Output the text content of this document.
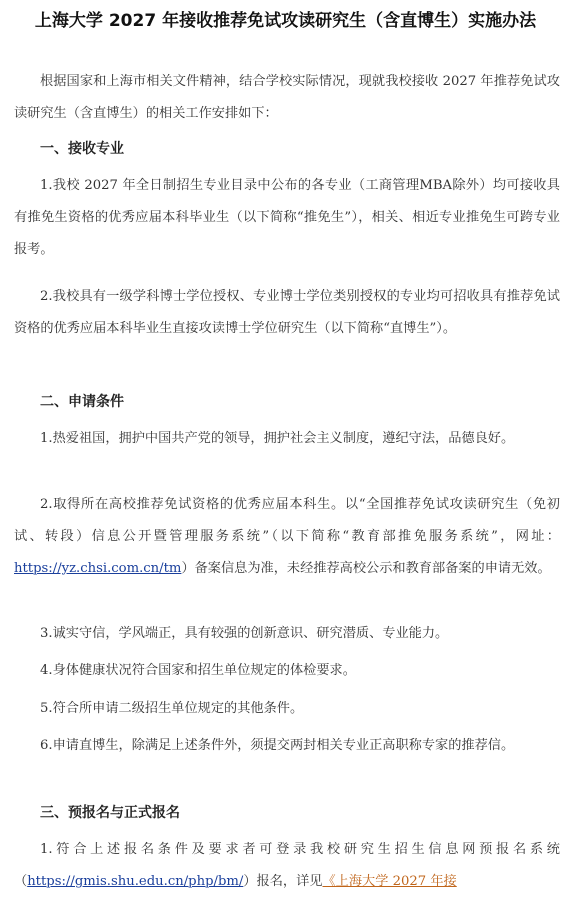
上海大学 2027 年接收推荐免试攻读研究生（含直博生）实施办法
根据国家和上海市相关文件精神，结合学校实际情况，现就我校接收 2027 年推荐免试攻读研究生（含直博生）的相关工作安排如下：
一、接收专业
1.我校 2027 年全日制招生专业目录中公布的各专业（工商管理MBA除外）均可接收具有推免生资格的优秀应届本科毕业生（以下简称“推免生”），相关、相近专业推免生可跨专业报考。
2.我校具有一级学科博士学位授权、专业博士学位类别授权的专业均可招收具有推荐免试资格的优秀应届本科毕业生直接攻读博士学位研究生（以下简称“直博生”）。
二、申请条件
1.热爱祖国，拥护中国共产党的领导，拥护社会主义制度，遵纪守法，品德良好。
2.取得所在高校推荐免试资格的优秀应届本科生。以“全国推荐免试攻读研究生（免初试、转段）信息公开暨管理服务系统”（以下简称“教育部推免服务系统”，网址：https://yz.chsi.com.cn/tm）备案信息为准，未经推荐高校公示和教育部备案的申请无效。
3.诚实守信，学风端正，具有较强的创新意识、研究潜质、专业能力。
4.身体健康状况符合国家和招生单位规定的体检要求。
5.符合所申请二级招生单位规定的其他条件。
6.申请直博生，除满足上述条件外，须提交两封相关专业正高职称专家的推荐信。
三、预报名与正式报名
1.符合上述报名条件及要求者可登录我校研究生招生信息网预报名系统（https://gmis.shu.edu.cn/php/bm/）报名，详见《上海大学 2027 年接
